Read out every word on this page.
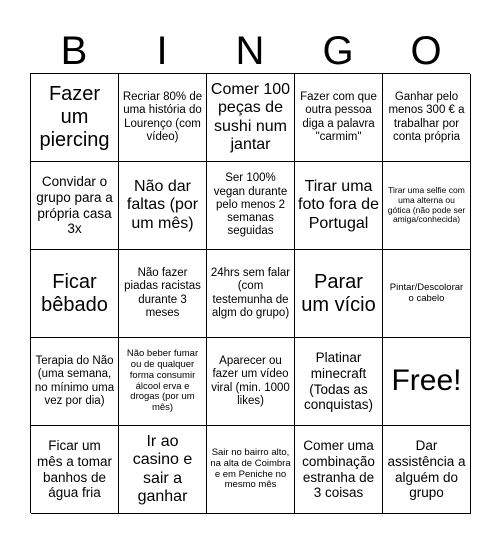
B	I	N	G	O
Fazer um piercing
Recriar 80% de uma história do Lourenço (com vídeo)
Comer 100 peças de sushi num jantar
Fazer com que outra pessoa diga a palavra "carmim"
Ganhar pelo menos 300 € a trabalhar por conta própria
Convidar o grupo para a própria casa 3x
Não dar faltas (por um mês)
Ser 100% vegan durante pelo menos 2 semanas seguidas
Tirar uma foto fora de Portugal
Tirar uma selfie com uma alterna ou gótica (não pode ser amiga/conhecida)
Ficar bêbado
Não fazer piadas racistas durante 3 meses
24hrs sem falar (com testemunha de algm do grupo)
Parar um vício
Pintar/Descolorar o cabelo
Terapia do Não (uma semana, no mínimo uma vez por dia)
Não beber fumar ou de qualquer forma consumir álcool erva e drogas (por um mês)
Aparecer ou fazer um vídeo viral (min. 1000 likes)
Platinar minecraft (Todas as conquistas)
Free!
Ficar um mês a tomar banhos de água fria
Ir ao casino e sair a ganhar
Sair no bairro alto, na alta de Coimbra e em Peniche no mesmo mês
Comer uma combinação estranha de 3 coisas
Dar assistência a alguém do grupo
